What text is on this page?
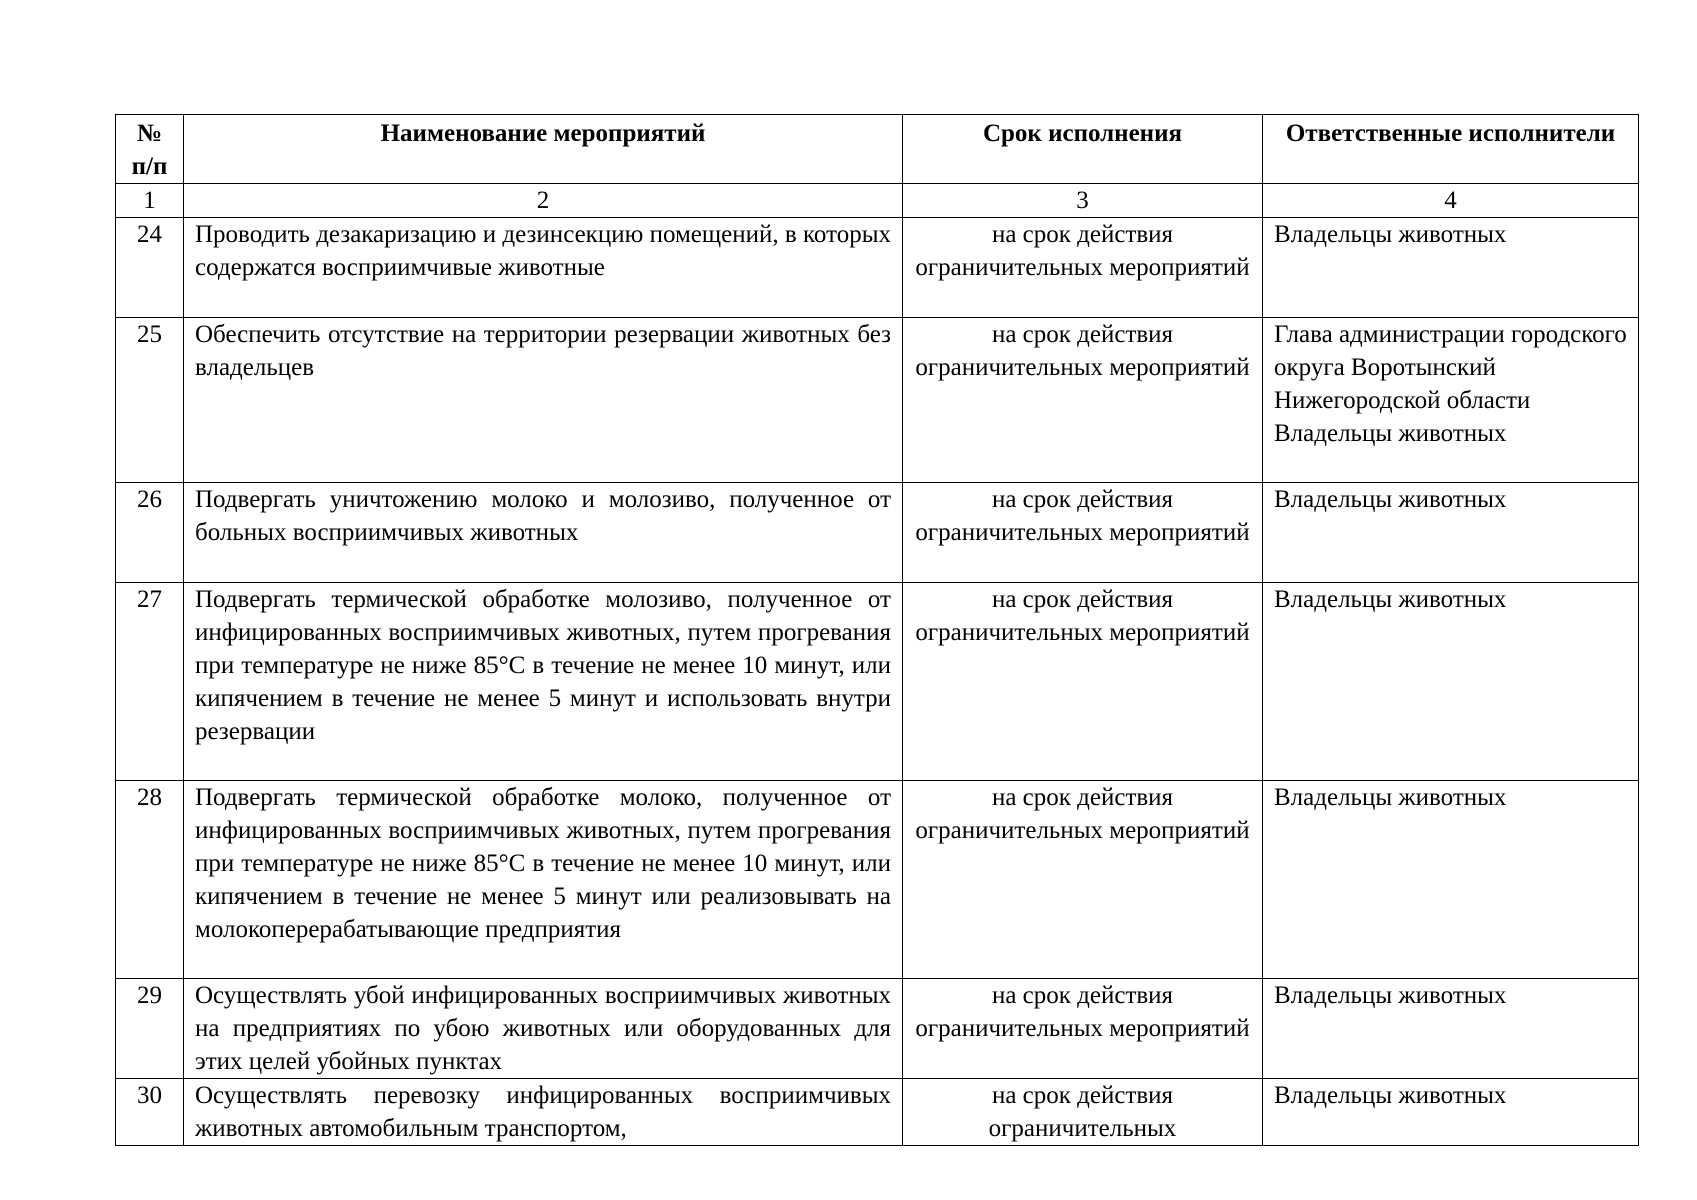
№ п/п	Наименование мероприятий	Срок исполнения	Ответственные исполнители
1	2	3	4
24	Проводить дезакаризацию и дезинсекцию помещений, в которых содержатся восприимчивые животные	на срок действия ограничительных мероприятий	Владельцы животных
25	Обеспечить отсутствие на территории резервации животных без владельцев	на срок действия ограничительных мероприятий	Глава администрации городского округа Воротынский Нижегородской области Владельцы животных
26	Подвергать уничтожению молоко и молозиво, полученное от больных восприимчивых животных	на срок действия ограничительных мероприятий	Владельцы животных
27	Подвергать термической обработке молозиво, полученное от инфицированных восприимчивых животных, путем прогревания при температуре не ниже 85°С в течение не менее 10 минут, или кипячением в течение не менее 5 минут и использовать внутри резервации	на срок действия ограничительных мероприятий	Владельцы животных
28	Подвергать термической обработке молоко, полученное от инфицированных восприимчивых животных, путем прогревания при температуре не ниже 85°С в течение не менее 10 минут, или кипячением в течение не менее 5 минут или реализовывать на молокоперерабатывающие предприятия	на срок действия ограничительных мероприятий	Владельцы животных
29	Осуществлять убой инфицированных восприимчивых животных на предприятиях по убою животных или оборудованных для этих целей убойных пунктах	на срок действия ограничительных мероприятий	Владельцы животных
30	Осуществлять перевозку инфицированных восприимчивых животных автомобильным транспортом,	на срок действия ограничительных	Владельцы животных
